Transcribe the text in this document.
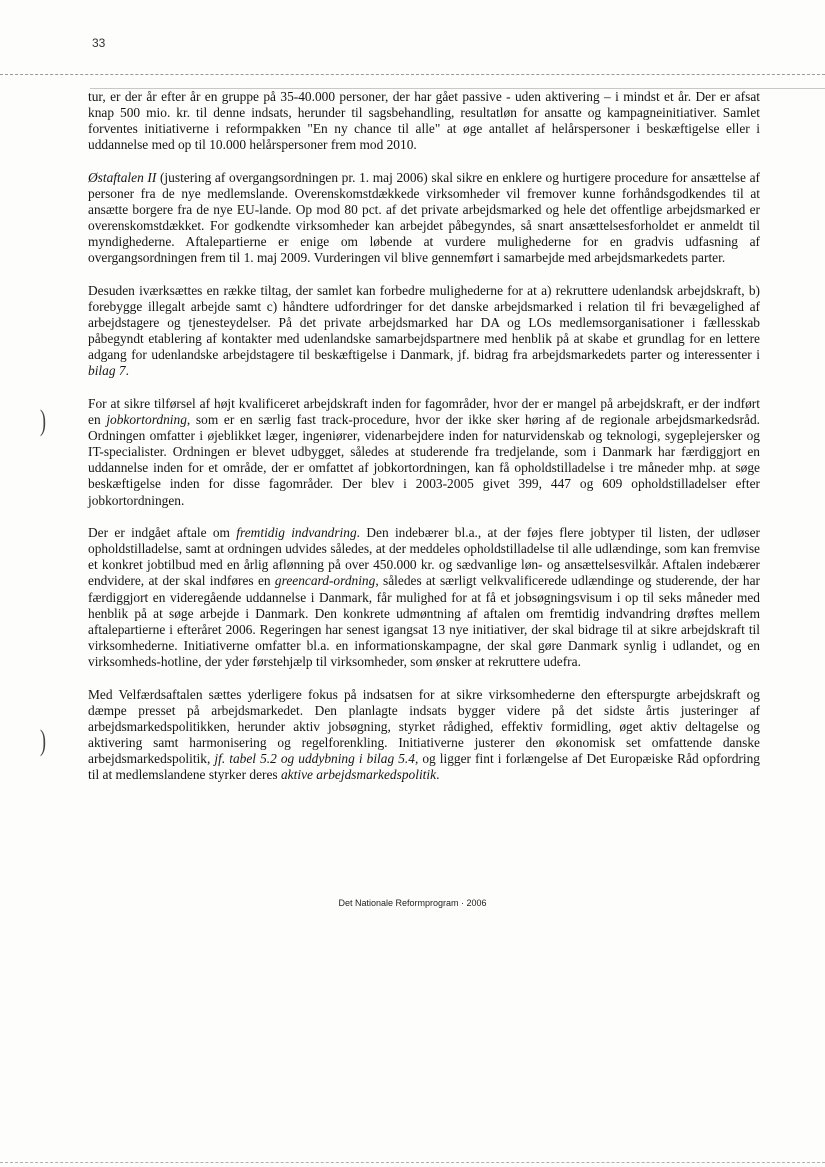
33
)
)

tur, er der år efter år en gruppe på 35-40.000 personer, der har gået passive - uden aktivering – i mindst et år. Der er afsat knap 500 mio. kr. til denne indsats, herunder til sagsbehandling, resultatløn for ansatte og kampagneinitiativer. Samlet forventes initiativerne i reformpakken "En ny chance til alle" at øge antallet af helårspersoner i beskæftigelse eller i uddannelse med op til 10.000 helårspersoner frem mod 2010.

Østaftalen II (justering af overgangsordningen pr. 1. maj 2006) skal sikre en enklere og hurtigere procedure for ansættelse af personer fra de nye medlemslande. Overenskomstdækkede virksomheder vil fremover kunne forhåndsgodkendes til at ansætte borgere fra de nye EU-lande. Op mod 80 pct. af det private arbejdsmarked og hele det offentlige arbejdsmarked er overenskomstdækket. For godkendte virksomheder kan arbejdet påbegyndes, så snart ansættelsesforholdet er anmeldt til myndighederne. Aftalepartierne er enige om løbende at vurdere mulighederne for en gradvis udfasning af overgangsordningen frem til 1. maj 2009. Vurderingen vil blive gennemført i samarbejde med arbejdsmarkedets parter.

Desuden iværksættes en række tiltag, der samlet kan forbedre mulighederne for at a) rekruttere udenlandsk arbejdskraft, b) forebygge illegalt arbejde samt c) håndtere udfordringer for det danske arbejdsmarked i relation til fri bevægelighed af arbejdstagere og tjenesteydelser. På det private arbejdsmarked har DA og LOs medlemsorganisationer i fællesskab påbegyndt etablering af kontakter med udenlandske samarbejdspartnere med henblik på at skabe et grundlag for en lettere adgang for udenlandske arbejdstagere til beskæftigelse i Danmark, jf. bidrag fra arbejdsmarkedets parter og interessenter i bilag 7.

For at sikre tilførsel af højt kvalificeret arbejdskraft inden for fagområder, hvor der er mangel på arbejdskraft, er der indført en jobkortordning, som er en særlig fast track-procedure, hvor der ikke sker høring af de regionale arbejdsmarkedsråd. Ordningen omfatter i øjeblikket læger, ingeniører, videnarbejdere inden for naturvidenskab og teknologi, sygeplejersker og IT-specialister. Ordningen er blevet udbygget, således at studerende fra tredjelande, som i Danmark har færdiggjort en uddannelse inden for et område, der er omfattet af jobkortordningen, kan få opholdstilladelse i tre måneder mhp. at søge beskæftigelse inden for disse fagområder. Der blev i 2003-2005 givet 399, 447 og 609 opholdstilladelser efter jobkortordningen.

Der er indgået aftale om fremtidig indvandring. Den indebærer bl.a., at der føjes flere jobtyper til listen, der udløser opholdstilladelse, samt at ordningen udvides således, at der meddeles opholdstilladelse til alle udlændinge, som kan fremvise et konkret jobtilbud med en årlig aflønning på over 450.000 kr. og sædvanlige løn- og ansættelsesvilkår. Aftalen indebærer endvidere, at der skal indføres en greencard-ordning, således at særligt velkvalificerede udlændinge og studerende, der har færdiggjort en videregående uddannelse i Danmark, får mulighed for at få et jobsøgningsvisum i op til seks måneder med henblik på at søge arbejde i Danmark. Den konkrete udmøntning af aftalen om fremtidig indvandring drøftes mellem aftalepartierne i efteråret 2006. Regeringen har senest igangsat 13 nye initiativer, der skal bidrage til at sikre arbejdskraft til virksomhederne. Initiativerne omfatter bl.a. en informationskampagne, der skal gøre Danmark synlig i udlandet, og en virksomheds-hotline, der yder førstehjælp til virksomheder, som ønsker at rekruttere udefra.

Med Velfærdsaftalen sættes yderligere fokus på indsatsen for at sikre virksomhederne den efterspurgte arbejdskraft og dæmpe presset på arbejdsmarkedet. Den planlagte indsats bygger videre på det sidste årtis justeringer af arbejdsmarkedspolitikken, herunder aktiv jobsøgning, styrket rådighed, effektiv formidling, øget aktiv deltagelse og aktivering samt harmonisering og regelforenkling. Initiativerne justerer den økonomisk set omfattende danske arbejdsmarkedspolitik, jf. tabel 5.2 og uddybning i bilag 5.4, og ligger fint i forlængelse af Det Europæiske Råd opfordring til at medlemslandene styrker deres aktive arbejdsmarkedspolitik.

Det Nationale Reformprogram · 2006
